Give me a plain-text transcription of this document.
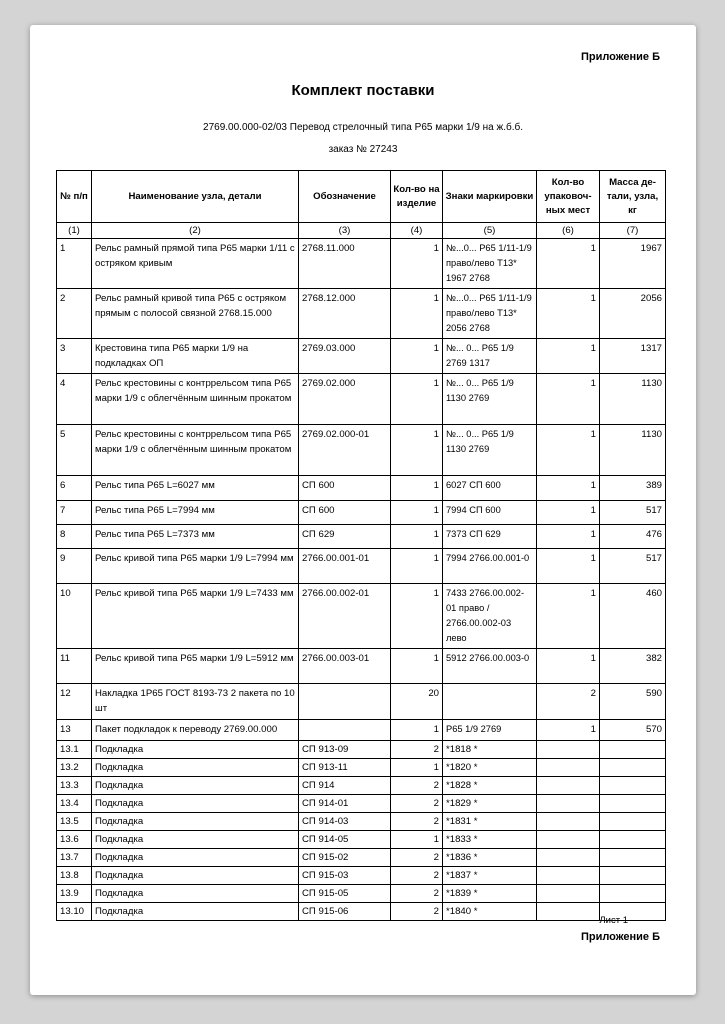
Приложение Б
Комплект поставки
2769.00.000-02/03 Перевод стрелочный типа Р65 марки 1/9 на ж.б.б.
заказ № 27243
№ п/п	Наименование узла, детали	Обозначение	Кол-во на изделие	Знаки маркировки	Кол-во упаковоч-ных мест	Масса де-тали, узла, кг
(1)	(2)	(3)	(4)	(5)	(6)	(7)
1	Рельс рамный прямой типа Р65 марки 1/11 с остряком кривым	2768.11.000	1	№...0... Р65 1/11-1/9 право/лево Т13* 1967 2768	1	1967
2	Рельс рамный кривой типа Р65 с остряком прямым с полосой связной 2768.15.000	2768.12.000	1	№...0... Р65 1/11-1/9 право/лево Т13* 2056 2768	1	2056
3	Крестовина типа Р65 марки 1/9 на подкладках ОП	2769.03.000	1	№... 0... Р65 1/9 2769 1317	1	1317
4	Рельс крестовины с контррельсом типа Р65 марки 1/9 с облегчённым шинным прокатом	2769.02.000	1	№... 0... Р65 1/9 1130 2769	1	1130
5	Рельс крестовины с контррельсом типа Р65 марки 1/9 с облегчённым шинным прокатом	2769.02.000-01	1	№... 0... Р65 1/9 1130 2769	1	1130
6	Рельс типа Р65 L=6027 мм	СП 600	1	6027 СП 600	1	389
7	Рельс типа Р65 L=7994 мм	СП 600	1	7994 СП 600	1	517
8	Рельс типа Р65 L=7373 мм	СП 629	1	7373 СП 629	1	476
9	Рельс кривой типа Р65 марки 1/9 L=7994 мм	2766.00.001-01	1	7994 2766.00.001-0	1	517
10	Рельс кривой типа Р65 марки 1/9 L=7433 мм	2766.00.002-01	1	7433 2766.00.002-01 право / 2766.00.002-03 лево	1	460
11	Рельс кривой типа Р65 марки 1/9 L=5912 мм	2766.00.003-01	1	5912 2766.00.003-0	1	382
12	Накладка 1Р65 ГОСТ 8193-73 2 пакета по 10 шт		20		2	590
13	Пакет подкладок к переводу 2769.00.000		1	Р65 1/9 2769	1	570
13.1	Подкладка	СП 913-09	2	*1818 *		
13.2	Подкладка	СП 913-11	1	*1820 *		
13.3	Подкладка	СП 914	2	*1828 *		
13.4	Подкладка	СП 914-01	2	*1829 *		
13.5	Подкладка	СП 914-03	2	*1831 *		
13.6	Подкладка	СП 914-05	1	*1833 *		
13.7	Подкладка	СП 915-02	2	*1836 *		
13.8	Подкладка	СП 915-03	2	*1837 *		
13.9	Подкладка	СП 915-05	2	*1839 *		
13.10	Подкладка	СП 915-06	2	*1840 *		
Лист 1
Приложение Б
